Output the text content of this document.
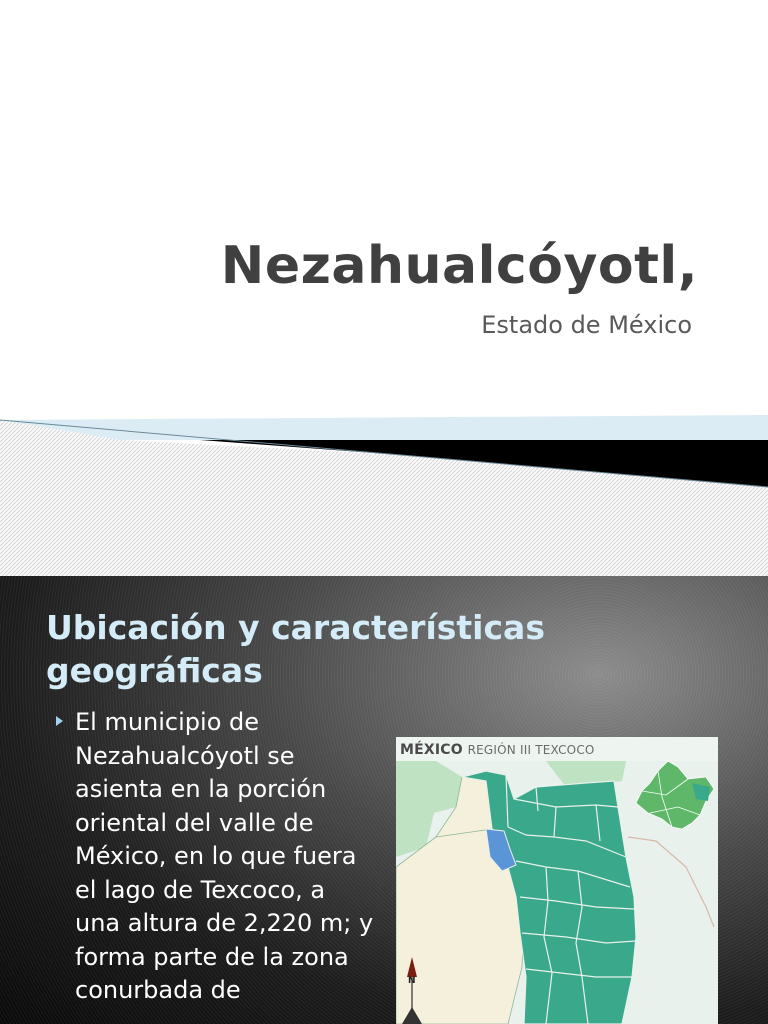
Nezahualcóyotl,
Estado de México
Ubicación y características
geográficas
El municipio de Nezahualcóyotl se asienta en la porción oriental del valle de México, en lo que fuera el lago de Texcoco, a una altura de 2,220 m; y forma parte de la zona conurbada de
MÉXICO REGIÓN III TEXCOCO
N
